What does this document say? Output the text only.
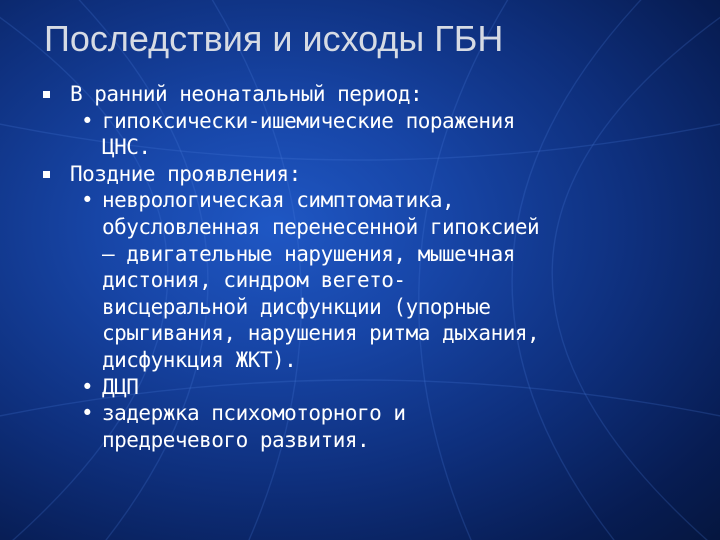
Последствия и исходы ГБН
В ранний неонатальный период:
• гипоксически-ишемические поражения
ЦНС.
Поздние проявления:
• неврологическая симптоматика,
обусловленная перенесенной гипоксией
– двигательные нарушения, мышечная
дистония, синдром вегето-
висцеральной дисфункции (упорные
срыгивания, нарушения ритма дыхания,
дисфункция ЖКТ).
• ДЦП
• задержка психомоторного и
предречевого развития.
